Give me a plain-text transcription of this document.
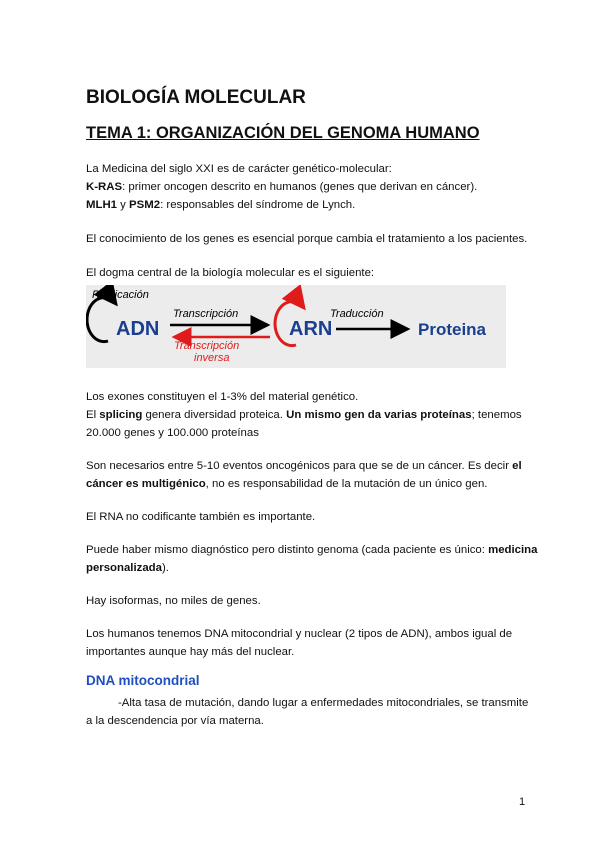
BIOLOGÍA MOLECULAR
TEMA 1: ORGANIZACIÓN DEL GENOMA HUMANO
La Medicina del siglo XXI es de carácter genético-molecular:
K-RAS: primer oncogen descrito en humanos (genes que derivan en cáncer).
MLH1 y PSM2: responsables del síndrome de Lynch.
El conocimiento de los genes es esencial porque cambia el tratamiento a los pacientes.
El dogma central de la biología molecular es el siguiente:
Replicación
ADN
Transcripción
Transcripción
inversa
ARN
Traducción
Proteina
Los exones constituyen el 1-3% del material genético.
El splicing genera diversidad proteica. Un mismo gen da varias proteínas; tenemos
20.000 genes y 100.000 proteínas
Son necesarios entre 5-10 eventos oncogénicos para que se de un cáncer. Es decir el
cáncer es multigénico, no es responsabilidad de la mutación de un único gen.
El RNA no codificante también es importante.
Puede haber mismo diagnóstico pero distinto genoma (cada paciente es único: medicina
personalizada).
Hay isoformas, no miles de genes.
Los humanos tenemos DNA mitocondrial y nuclear (2 tipos de ADN), ambos igual de
importantes aunque hay más del nuclear.
DNA mitocondrial
-Alta tasa de mutación, dando lugar a enfermedades mitocondriales, se transmite
a la descendencia por vía materna.
1
